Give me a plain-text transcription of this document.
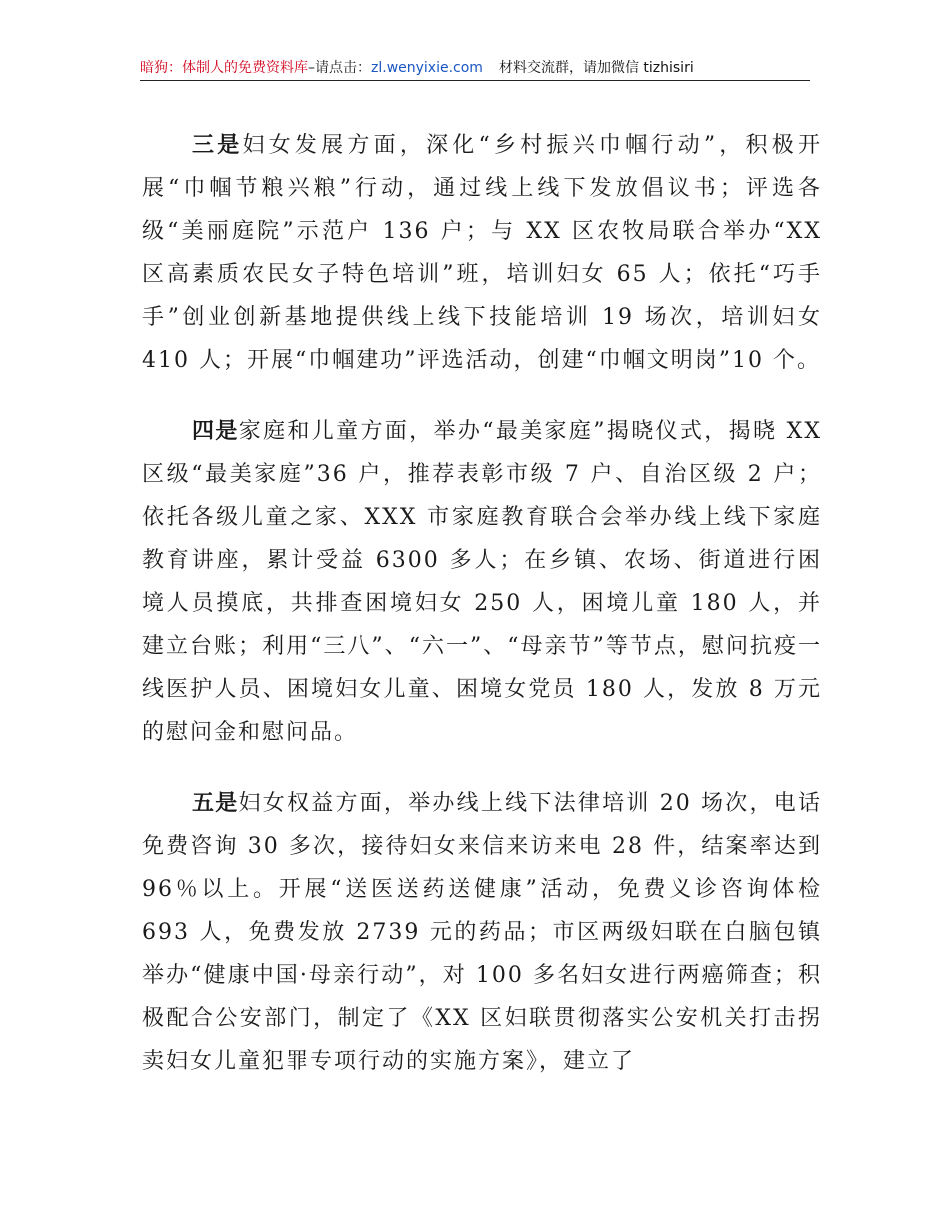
暗狗：体制人的免费资料库–请点击：zl.wenyixie.com 材料交流群，请加微信 tizhisiri

三是妇女发展方面，深化“乡村振兴巾帼行动”，积极开展“巾帼节粮兴粮”行动，通过线上线下发放倡议书；评选各级“美丽庭院”示范户 136 户；与 XX 区农牧局联合举办“XX 区高素质农民女子特色培训”班，培训妇女 65 人；依托“巧手手”创业创新基地提供线上线下技能培训 19 场次，培训妇女 410 人；开展“巾帼建功”评选活动，创建“巾帼文明岗”10 个。

四是家庭和儿童方面，举办“最美家庭”揭晓仪式，揭晓 XX 区级“最美家庭”36 户，推荐表彰市级 7 户、自治区级 2 户；依托各级儿童之家、XXX 市家庭教育联合会举办线上线下家庭教育讲座，累计受益 6300 多人；在乡镇、农场、街道进行困境人员摸底，共排查困境妇女 250 人，困境儿童 180 人，并建立台账；利用“三八”、“六一”、“母亲节”等节点，慰问抗疫一线医护人员、困境妇女儿童、困境女党员 180 人，发放 8 万元的慰问金和慰问品。

五是妇女权益方面，举办线上线下法律培训 20 场次，电话免费咨询 30 多次，接待妇女来信来访来电 28 件，结案率达到 96％以上。开展“送医送药送健康”活动，免费义诊咨询体检 693 人，免费发放 2739 元的药品；市区两级妇联在白脑包镇举办“健康中国·母亲行动”，对 100 多名妇女进行两癌筛查；积极配合公安部门，制定了《XX 区妇联贯彻落实公安机关打击拐卖妇女儿童犯罪专项行动的实施方案》，建立了
